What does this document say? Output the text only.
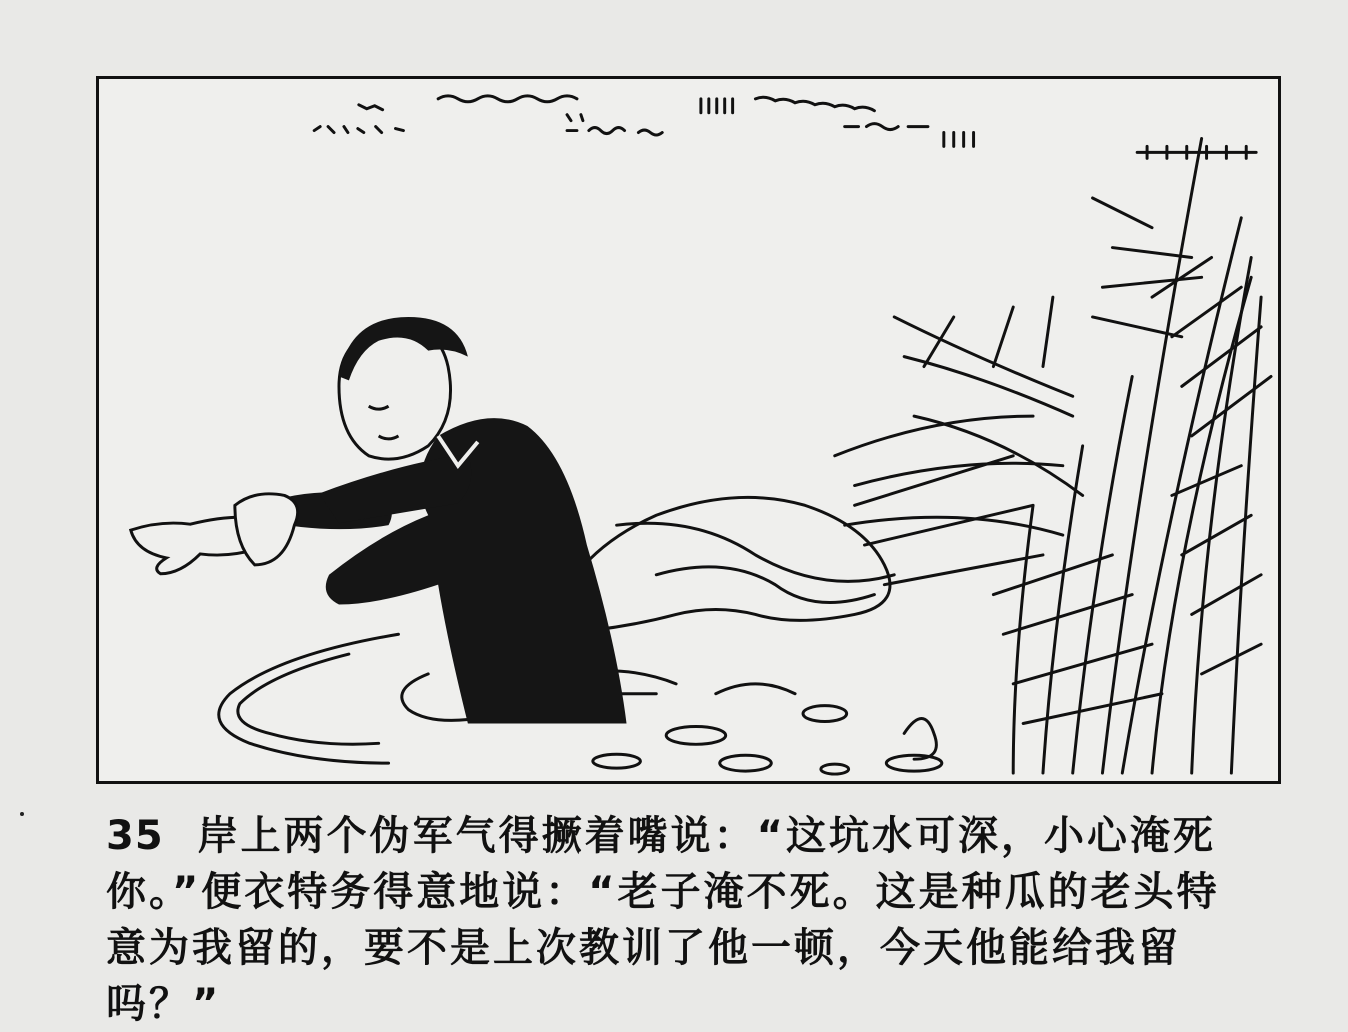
35 岸上两个伪军气得撅着嘴说：“这坑水可深，小心淹死
你。”便衣特务得意地说：“老子淹不死。这是种瓜的老头特
意为我留的，要不是上次教训了他一顿，今天他能给我留吗？”
